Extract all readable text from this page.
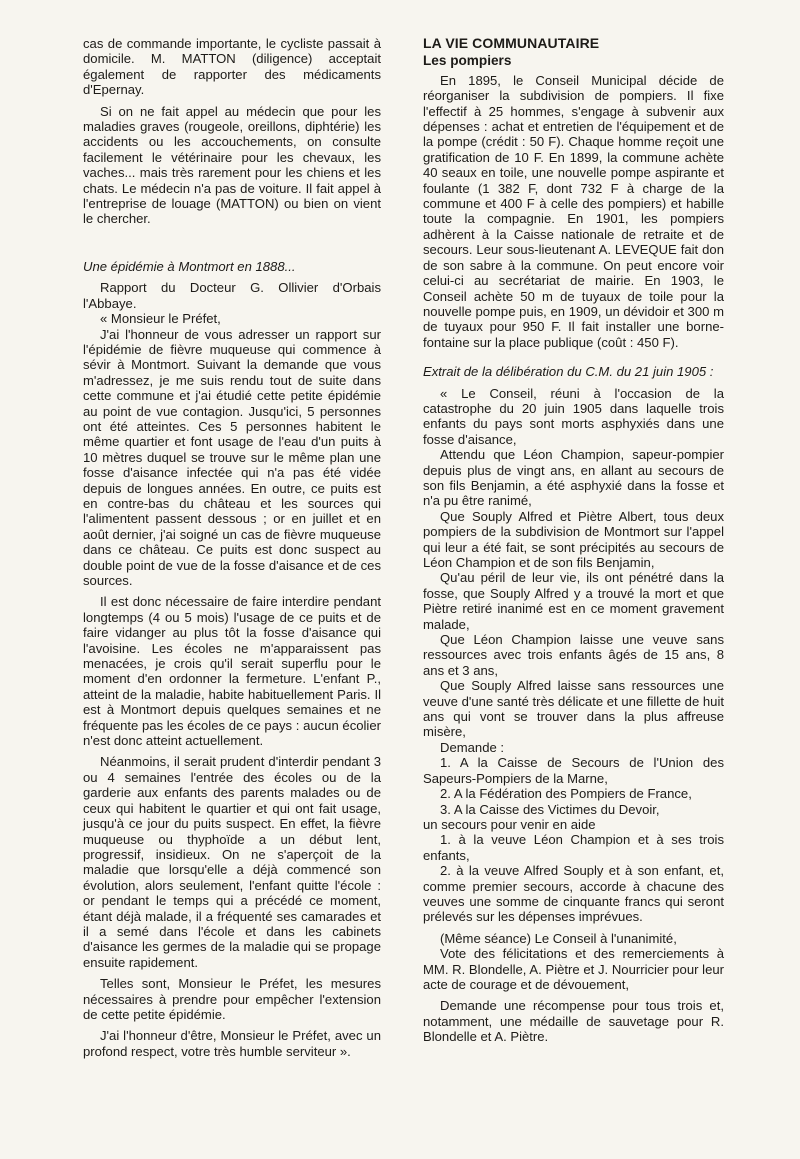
cas de commande importante, le cycliste passait à domicile. M. MATTON (diligence) acceptait également de rapporter des médicaments d'Epernay.

Si on ne fait appel au médecin que pour les maladies graves (rougeole, oreillons, diphtérie) les accidents ou les accouchements, on consulte facilement le vétérinaire pour les chevaux, les vaches... mais très rarement pour les chiens et les chats. Le médecin n'a pas de voiture. Il fait appel à l'entreprise de louage (MATTON) ou bien on vient le chercher.

Une épidémie à Montmort en 1888...

Rapport du Docteur G. Ollivier d'Orbais l'Abbaye.

« Monsieur le Préfet,

J'ai l'honneur de vous adresser un rapport sur l'épidémie de fièvre muqueuse qui commence à sévir à Montmort. Suivant la demande que vous m'adressez, je me suis rendu tout de suite dans cette commune et j'ai étudié cette petite épidémie au point de vue contagion. Jusqu'ici, 5 personnes ont été atteintes. Ces 5 personnes habitent le même quartier et font usage de l'eau d'un puits à 10 mètres duquel se trouve sur le même plan une fosse d'aisance infectée qui n'a pas été vidée depuis de longues années. En outre, ce puits est en contre-bas du château et les sources qui l'alimentent passent dessous ; or en juillet et en août dernier, j'ai soigné un cas de fièvre muqueuse dans ce château. Ce puits est donc suspect au double point de vue de la fosse d'aisance et de ces sources.

Il est donc nécessaire de faire interdire pendant longtemps (4 ou 5 mois) l'usage de ce puits et de faire vidanger au plus tôt la fosse d'aisance qui l'avoisine. Les écoles ne m'apparaissent pas menacées, je crois qu'il serait superflu pour le moment d'en ordonner la fermeture. L'enfant P., atteint de la maladie, habite habituellement Paris. Il est à Montmort depuis quelques semaines et ne fréquente pas les écoles de ce pays : aucun écolier n'est donc atteint actuellement.

Néanmoins, il serait prudent d'interdir pendant 3 ou 4 semaines l'entrée des écoles ou de la garderie aux enfants des parents malades ou de ceux qui habitent le quartier et qui ont fait usage, jusqu'à ce jour du puits suspect. En effet, la fièvre muqueuse ou thyphoïde a un début lent, progressif, insidieux. On ne s'aperçoit de la maladie que lorsqu'elle a déjà commencé son évolution, alors seulement, l'enfant quitte l'école : or pendant le temps qui a précédé ce moment, étant déjà malade, il a fréquenté ses camarades et il a semé dans l'école et dans les cabinets d'aisance les germes de la maladie qui se propage ensuite rapidement.

Telles sont, Monsieur le Préfet, les mesures nécessaires à prendre pour empêcher l'extension de cette petite épidémie.

J'ai l'honneur d'être, Monsieur le Préfet, avec un profond respect, votre très humble serviteur ».

LA VIE COMMUNAUTAIRE
Les pompiers

En 1895, le Conseil Municipal décide de réorganiser la subdivision de pompiers. Il fixe l'effectif à 25 hommes, s'engage à subvenir aux dépenses : achat et entretien de l'équipement et de la pompe (crédit : 50 F). Chaque homme reçoit une gratification de 10 F. En 1899, la commune achète 40 seaux en toile, une nouvelle pompe aspirante et foulante (1 382 F, dont 732 F à charge de la commune et 400 F à celle des pompiers) et habille toute la compagnie. En 1901, les pompiers adhèrent à la Caisse nationale de retraite et de secours. Leur sous-lieutenant A. LEVEQUE fait don de son sabre à la commune. On peut encore voir celui-ci au secrétariat de mairie. En 1903, le Conseil achète 50 m de tuyaux de toile pour la nouvelle pompe puis, en 1909, un dévidoir et 300 m de tuyaux pour 950 F. Il fait installer une borne-fontaine sur la place publique (coût : 450 F).

Extrait de la délibération du C.M. du 21 juin 1905 :

« Le Conseil, réuni à l'occasion de la catastrophe du 20 juin 1905 dans laquelle trois enfants du pays sont morts asphyxiés dans une fosse d'aisance,

Attendu que Léon Champion, sapeur-pompier depuis plus de vingt ans, en allant au secours de son fils Benjamin, a été asphyxié dans la fosse et n'a pu être ranimé,

Que Souply Alfred et Piètre Albert, tous deux pompiers de la subdivision de Montmort sur l'appel qui leur a été fait, se sont précipités au secours de Léon Champion et de son fils Benjamin,

Qu'au péril de leur vie, ils ont pénétré dans la fosse, que Souply Alfred y a trouvé la mort et que Piètre retiré inanimé est en ce moment gravement malade,

Que Léon Champion laisse une veuve sans ressources avec trois enfants âgés de 15 ans, 8 ans et 3 ans,

Que Souply Alfred laisse sans ressources une veuve d'une santé très délicate et une fillette de huit ans qui vont se trouver dans la plus affreuse misère,

Demande :

1. A la Caisse de Secours de l'Union des Sapeurs-Pompiers de la Marne,

2. A la Fédération des Pompiers de France,

3. A la Caisse des Victimes du Devoir,

un secours pour venir en aide

1. à la veuve Léon Champion et à ses trois enfants,

2. à la veuve Alfred Souply et à son enfant, et, comme premier secours, accorde à chacune des veuves une somme de cinquante francs qui seront prélevés sur les dépenses imprévues.

(Même séance) Le Conseil à l'unanimité,

Vote des félicitations et des remerciements à MM. R. Blondelle, A. Piètre et J. Nourricier pour leur acte de courage et de dévouement,

Demande une récompense pour tous trois et, notamment, une médaille de sauvetage pour R. Blondelle et A. Piètre.
